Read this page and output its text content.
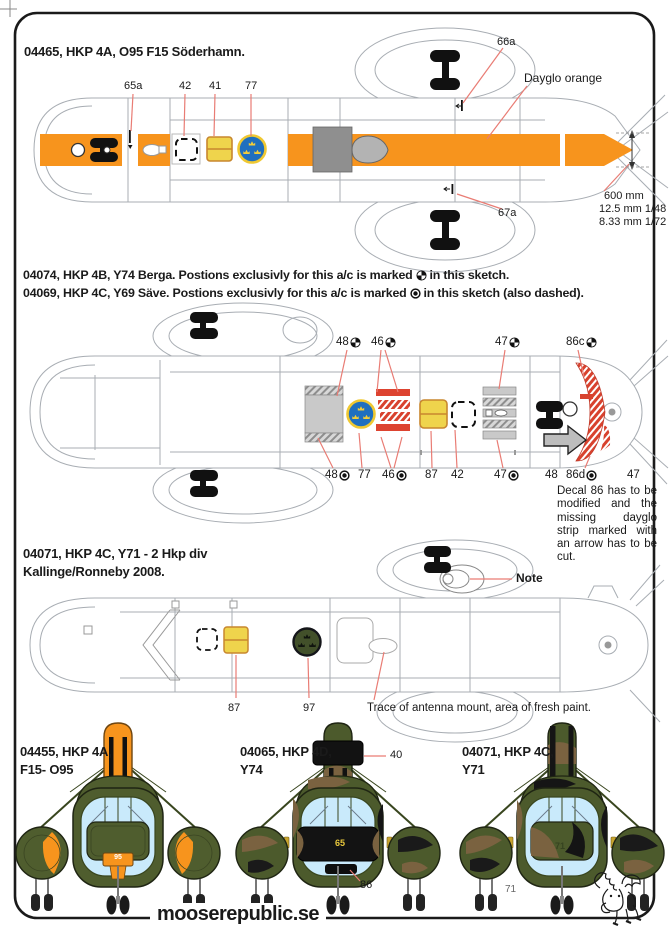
04465, HKP 4A, O95 F15 Söderhamn.
65a	42 41 77
66a
Dayglo orange
67a
600 mm
12.5 mm 1/48
8.33 mm 1/72
04074, HKP 4B, Y74 Berga. Postions exclusivly for this a/c is marked in this sketch.
04069, HKP 4C, Y69 Säve. Postions exclusivly for this a/c is marked in this sketch (also dashed).
48 46	47	86c
48 77 46	87 42	47	48 86d	47
Decal 86 has to be modified and the missing dayglo strip marked with an arrow has to be cut.
04071, HKP 4C, Y71 - 2 Hkp div
Kallinge/Ronneby 2008.	Note
87	97	Trace of antenna mount, area of fresh paint.
04455, HKP 4A,
F15- O95
04065, HKP 4D,
Y74
04071, HKP 4C,
Y71
40
86	71
95
65	71
mooserepublic.se
